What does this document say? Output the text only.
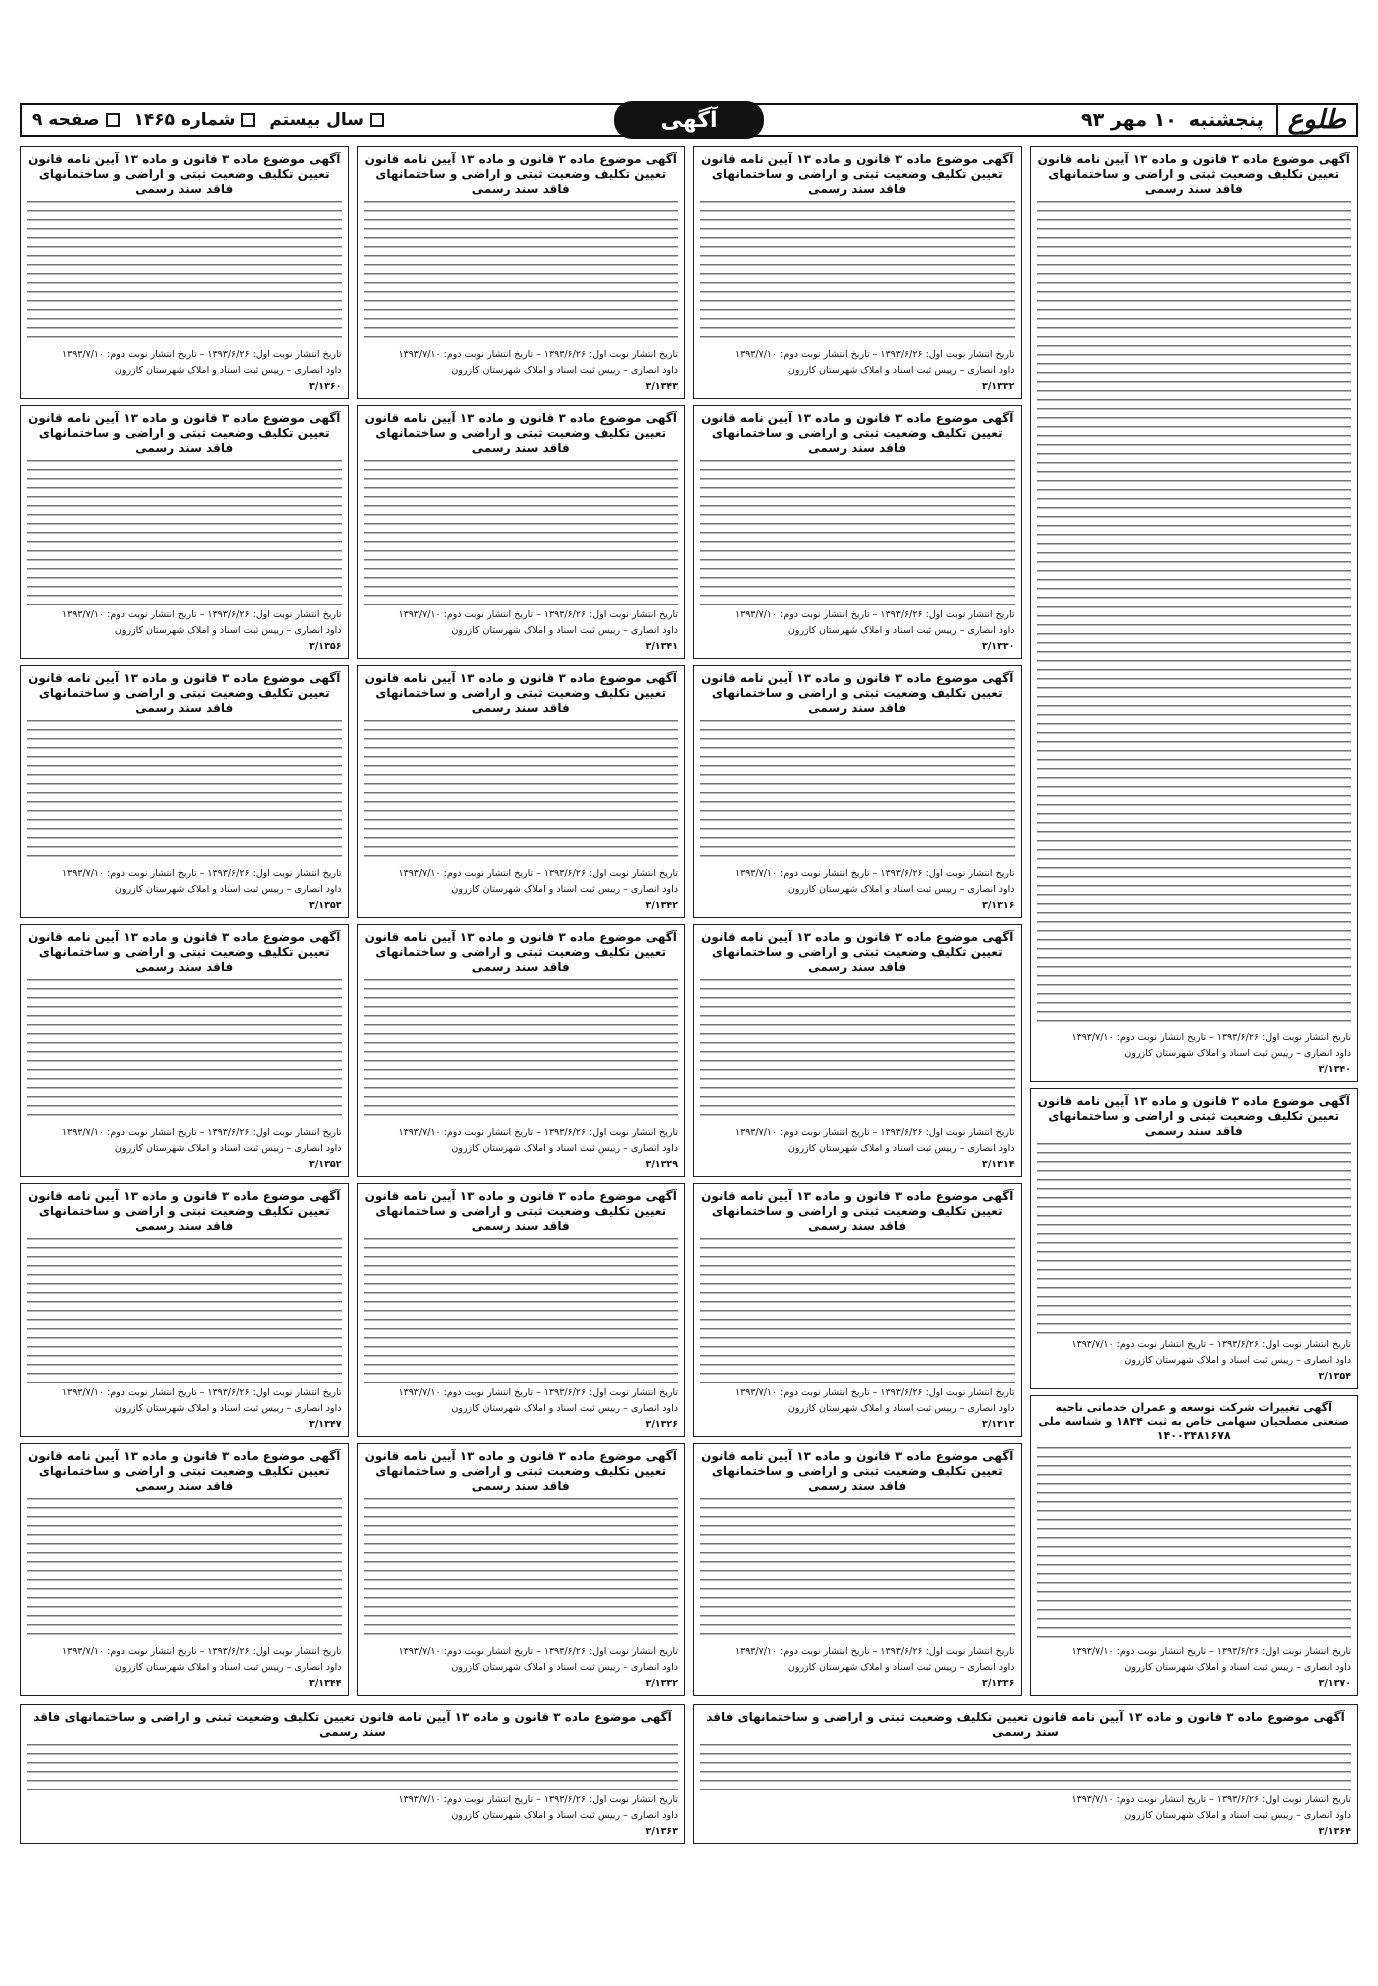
طلوع
پنجشنبه
۱۰ مهر ۹۳
آگهی
سال بیستم
شماره ۱۴۶۵
صفحه ۹
آگهی موضوع ماده ۳ قانون و ماده ۱۳ آیین نامه قانون تعیین تکلیف وضعیت ثبتی و اراضی و ساختمانهای فاقد سند رسمی
تاریخ انتشار نوبت اول: ۱۳۹۳/۶/۲۶ – تاریخ انتشار نوبت دوم: ۱۳۹۳/۷/۱۰
داود انصاری – رییس ثبت اسناد و املاک شهرستان کازرون
۳/۱۳۴۰
آگهی موضوع ماده ۳ قانون و ماده ۱۳ آیین نامه قانون تعیین تکلیف وضعیت ثبتی و اراضی و ساختمانهای فاقد سند رسمی
تاریخ انتشار نوبت اول: ۱۳۹۳/۶/۲۶ – تاریخ انتشار نوبت دوم: ۱۳۹۳/۷/۱۰
داود انصاری – رییس ثبت اسناد و املاک شهرستان کازرون
۳/۱۳۵۴
آگهی تغییرات شرکت توسعه و عمران خدماتی ناحیه صنعتی مصلحیان سهامی خاص به ثبت ۱۸۴۴ و شناسه ملی ۱۴۰۰۳۴۸۱۶۷۸
تاریخ انتشار نوبت اول: ۱۳۹۳/۶/۲۶ – تاریخ انتشار نوبت دوم: ۱۳۹۳/۷/۱۰
داود انصاری – رییس ثبت اسناد و املاک شهرستان کازرون
۳/۱۳۷۰
آگهی موضوع ماده ۳ قانون و ماده ۱۳ آیین نامه قانون تعیین تکلیف وضعیت ثبتی و اراضی و ساختمانهای فاقد سند رسمی
تاریخ انتشار نوبت اول: ۱۳۹۳/۶/۲۶ – تاریخ انتشار نوبت دوم: ۱۳۹۳/۷/۱۰
داود انصاری – رییس ثبت اسناد و املاک شهرستان کازرون
۳/۱۳۳۲
آگهی موضوع ماده ۳ قانون و ماده ۱۳ آیین نامه قانون تعیین تکلیف وضعیت ثبتی و اراضی و ساختمانهای فاقد سند رسمی
تاریخ انتشار نوبت اول: ۱۳۹۳/۶/۲۶ – تاریخ انتشار نوبت دوم: ۱۳۹۳/۷/۱۰
داود انصاری – رییس ثبت اسناد و املاک شهرستان کازرون
۳/۱۳۳۰
آگهی موضوع ماده ۳ قانون و ماده ۱۳ آیین نامه قانون تعیین تکلیف وضعیت ثبتی و اراضی و ساختمانهای فاقد سند رسمی
تاریخ انتشار نوبت اول: ۱۳۹۳/۶/۲۶ – تاریخ انتشار نوبت دوم: ۱۳۹۳/۷/۱۰
داود انصاری – رییس ثبت اسناد و املاک شهرستان کازرون
۳/۱۳۱۶
آگهی موضوع ماده ۳ قانون و ماده ۱۳ آیین نامه قانون تعیین تکلیف وضعیت ثبتی و اراضی و ساختمانهای فاقد سند رسمی
تاریخ انتشار نوبت اول: ۱۳۹۳/۶/۲۶ – تاریخ انتشار نوبت دوم: ۱۳۹۳/۷/۱۰
داود انصاری – رییس ثبت اسناد و املاک شهرستان کازرون
۳/۱۳۱۴
آگهی موضوع ماده ۳ قانون و ماده ۱۳ آیین نامه قانون تعیین تکلیف وضعیت ثبتی و اراضی و ساختمانهای فاقد سند رسمی
تاریخ انتشار نوبت اول: ۱۳۹۳/۶/۲۶ – تاریخ انتشار نوبت دوم: ۱۳۹۳/۷/۱۰
داود انصاری – رییس ثبت اسناد و املاک شهرستان کازرون
۳/۱۳۱۳
آگهی موضوع ماده ۳ قانون و ماده ۱۳ آیین نامه قانون تعیین تکلیف وضعیت ثبتی و اراضی و ساختمانهای فاقد سند رسمی
تاریخ انتشار نوبت اول: ۱۳۹۳/۶/۲۶ – تاریخ انتشار نوبت دوم: ۱۳۹۳/۷/۱۰
داود انصاری – رییس ثبت اسناد و املاک شهرستان کازرون
۳/۱۳۳۶
آگهی موضوع ماده ۳ قانون و ماده ۱۳ آیین نامه قانون تعیین تکلیف وضعیت ثبتی و اراضی و ساختمانهای فاقد سند رسمی
تاریخ انتشار نوبت اول: ۱۳۹۳/۶/۲۶ – تاریخ انتشار نوبت دوم: ۱۳۹۳/۷/۱۰
داود انصاری – رییس ثبت اسناد و املاک شهرستان کازرون
۳/۱۳۴۳
آگهی موضوع ماده ۳ قانون و ماده ۱۳ آیین نامه قانون تعیین تکلیف وضعیت ثبتی و اراضی و ساختمانهای فاقد سند رسمی
تاریخ انتشار نوبت اول: ۱۳۹۳/۶/۲۶ – تاریخ انتشار نوبت دوم: ۱۳۹۳/۷/۱۰
داود انصاری – رییس ثبت اسناد و املاک شهرستان کازرون
۳/۱۳۴۱
آگهی موضوع ماده ۳ قانون و ماده ۱۳ آیین نامه قانون تعیین تکلیف وضعیت ثبتی و اراضی و ساختمانهای فاقد سند رسمی
تاریخ انتشار نوبت اول: ۱۳۹۳/۶/۲۶ – تاریخ انتشار نوبت دوم: ۱۳۹۳/۷/۱۰
داود انصاری – رییس ثبت اسناد و املاک شهرستان کازرون
۳/۱۳۴۲
آگهی موضوع ماده ۳ قانون و ماده ۱۳ آیین نامه قانون تعیین تکلیف وضعیت ثبتی و اراضی و ساختمانهای فاقد سند رسمی
تاریخ انتشار نوبت اول: ۱۳۹۳/۶/۲۶ – تاریخ انتشار نوبت دوم: ۱۳۹۳/۷/۱۰
داود انصاری – رییس ثبت اسناد و املاک شهرستان کازرون
۳/۱۳۲۹
آگهی موضوع ماده ۳ قانون و ماده ۱۳ آیین نامه قانون تعیین تکلیف وضعیت ثبتی و اراضی و ساختمانهای فاقد سند رسمی
تاریخ انتشار نوبت اول: ۱۳۹۳/۶/۲۶ – تاریخ انتشار نوبت دوم: ۱۳۹۳/۷/۱۰
داود انصاری – رییس ثبت اسناد و املاک شهرستان کازرون
۳/۱۳۲۶
آگهی موضوع ماده ۳ قانون و ماده ۱۳ آیین نامه قانون تعیین تکلیف وضعیت ثبتی و اراضی و ساختمانهای فاقد سند رسمی
تاریخ انتشار نوبت اول: ۱۳۹۳/۶/۲۶ – تاریخ انتشار نوبت دوم: ۱۳۹۳/۷/۱۰
داود انصاری – رییس ثبت اسناد و املاک شهرستان کازرون
۳/۱۳۳۲
آگهی موضوع ماده ۳ قانون و ماده ۱۳ آیین نامه قانون تعیین تکلیف وضعیت ثبتی و اراضی و ساختمانهای فاقد سند رسمی
تاریخ انتشار نوبت اول: ۱۳۹۳/۶/۲۶ – تاریخ انتشار نوبت دوم: ۱۳۹۳/۷/۱۰
داود انصاری – رییس ثبت اسناد و املاک شهرستان کازرون
۳/۱۳۶۰
آگهی موضوع ماده ۳ قانون و ماده ۱۳ آیین نامه قانون تعیین تکلیف وضعیت ثبتی و اراضی و ساختمانهای فاقد سند رسمی
تاریخ انتشار نوبت اول: ۱۳۹۳/۶/۲۶ – تاریخ انتشار نوبت دوم: ۱۳۹۳/۷/۱۰
داود انصاری – رییس ثبت اسناد و املاک شهرستان کازرون
۳/۱۳۵۶
آگهی موضوع ماده ۳ قانون و ماده ۱۳ آیین نامه قانون تعیین تکلیف وضعیت ثبتی و اراضی و ساختمانهای فاقد سند رسمی
تاریخ انتشار نوبت اول: ۱۳۹۳/۶/۲۶ – تاریخ انتشار نوبت دوم: ۱۳۹۳/۷/۱۰
داود انصاری – رییس ثبت اسناد و املاک شهرستان کازرون
۳/۱۳۵۳
آگهی موضوع ماده ۳ قانون و ماده ۱۳ آیین نامه قانون تعیین تکلیف وضعیت ثبتی و اراضی و ساختمانهای فاقد سند رسمی
تاریخ انتشار نوبت اول: ۱۳۹۳/۶/۲۶ – تاریخ انتشار نوبت دوم: ۱۳۹۳/۷/۱۰
داود انصاری – رییس ثبت اسناد و املاک شهرستان کازرون
۳/۱۳۵۲
آگهی موضوع ماده ۳ قانون و ماده ۱۳ آیین نامه قانون تعیین تکلیف وضعیت ثبتی و اراضی و ساختمانهای فاقد سند رسمی
تاریخ انتشار نوبت اول: ۱۳۹۳/۶/۲۶ – تاریخ انتشار نوبت دوم: ۱۳۹۳/۷/۱۰
داود انصاری – رییس ثبت اسناد و املاک شهرستان کازرون
۳/۱۳۴۷
آگهی موضوع ماده ۳ قانون و ماده ۱۳ آیین نامه قانون تعیین تکلیف وضعیت ثبتی و اراضی و ساختمانهای فاقد سند رسمی
تاریخ انتشار نوبت اول: ۱۳۹۳/۶/۲۶ – تاریخ انتشار نوبت دوم: ۱۳۹۳/۷/۱۰
داود انصاری – رییس ثبت اسناد و املاک شهرستان کازرون
۳/۱۳۴۴
آگهی موضوع ماده ۳ قانون و ماده ۱۳ آیین نامه قانون تعیین تکلیف وضعیت ثبتی و اراضی و ساختمانهای فاقد سند رسمی
تاریخ انتشار نوبت اول: ۱۳۹۳/۶/۲۶ – تاریخ انتشار نوبت دوم: ۱۳۹۳/۷/۱۰
داود انصاری – رییس ثبت اسناد و املاک شهرستان کازرون
۳/۱۳۶۴
آگهی موضوع ماده ۳ قانون و ماده ۱۳ آیین نامه قانون تعیین تکلیف وضعیت ثبتی و اراضی و ساختمانهای فاقد سند رسمی
تاریخ انتشار نوبت اول: ۱۳۹۳/۶/۲۶ – تاریخ انتشار نوبت دوم: ۱۳۹۳/۷/۱۰
داود انصاری – رییس ثبت اسناد و املاک شهرستان کازرون
۳/۱۳۶۳
